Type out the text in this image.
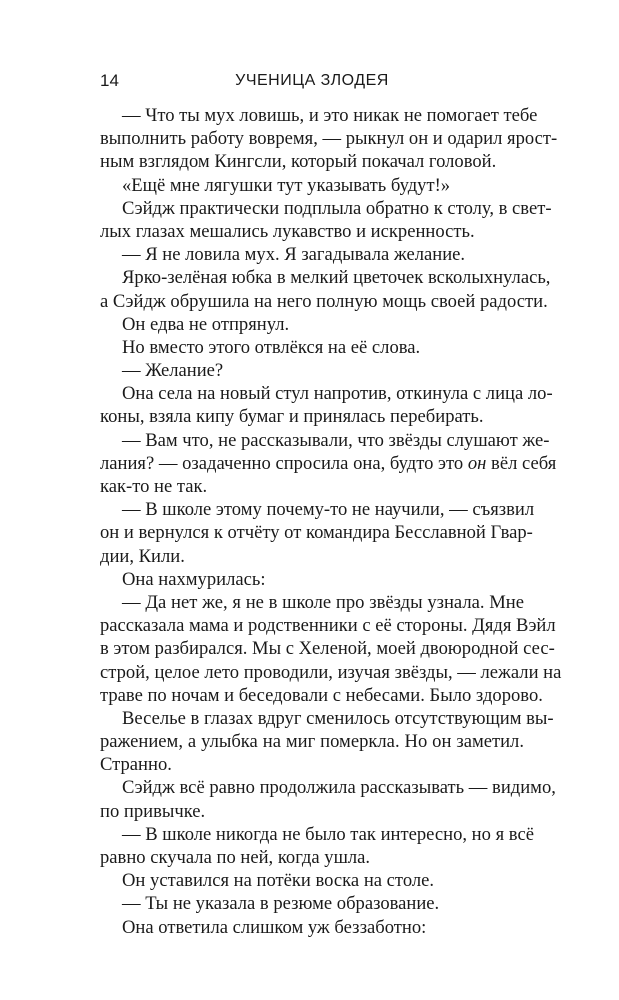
14	УЧЕНИЦА ЗЛОДЕЯ
— Что ты мух ловишь, и это никак не помогает тебе
выполнить работу вовремя, — рыкнул он и одарил ярост-
ным взглядом Кингсли, который покачал головой.
«Ещё мне лягушки тут указывать будут!»
Сэйдж практически подплыла обратно к столу, в свет-
лых глазах мешались лукавство и искренность.
— Я не ловила мух. Я загадывала желание.
Ярко-зелёная юбка в мелкий цветочек всколыхнулась,
а Сэйдж обрушила на него полную мощь своей радости.
Он едва не отпрянул.
Но вместо этого отвлёкся на её слова.
— Желание?
Она села на новый стул напротив, откинула с лица ло-
коны, взяла кипу бумаг и принялась перебирать.
— Вам что, не рассказывали, что звёзды слушают же-
лания? — озадаченно спросила она, будто это он вёл себя
как-то не так.
— В школе этому почему-то не научили, — съязвил
он и вернулся к отчёту от командира Бесславной Гвар-
дии, Кили.
Она нахмурилась:
— Да нет же, я не в школе про звёзды узнала. Мне
рассказала мама и родственники с её стороны. Дядя Вэйл
в этом разбирался. Мы с Хеленой, моей двоюродной сес-
строй, целое лето проводили, изучая звёзды, — лежали на
траве по ночам и беседовали с небесами. Было здорово.
Веселье в глазах вдруг сменилось отсутствующим вы-
ражением, а улыбка на миг померкла. Но он заметил.
Странно.
Сэйдж всё равно продолжила рассказывать — видимо,
по привычке.
— В школе никогда не было так интересно, но я всё
равно скучала по ней, когда ушла.
Он уставился на потёки воска на столе.
— Ты не указала в резюме образование.
Она ответила слишком уж беззаботно:
